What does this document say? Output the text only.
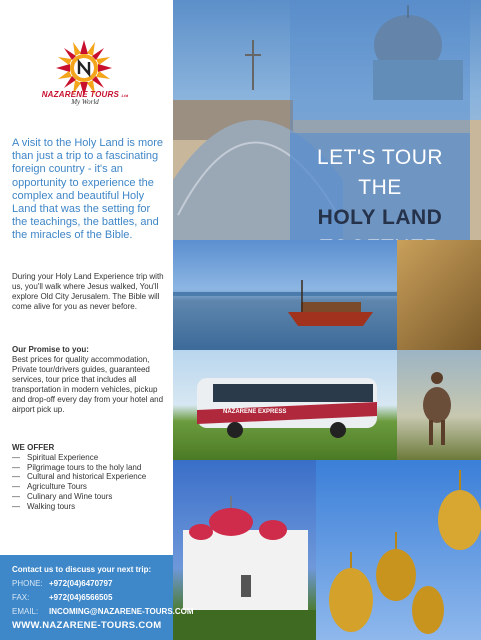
NAZARENE TOURS Ltd
My World

A visit to the Holy Land is more than just a trip to a fascinating foreign country - it's an opportunity to experience the complex and beautiful Holy Land that was the setting for the teachings, the battles, and the miracles of the Bible.

During your Holy Land Experience trip with us, you'll walk where Jesus walked, You'll explore Old City Jerusalem. The Bible will come alive for you as never before.

Our Promise to you:
Best prices for quality accommodation, Private tour/drivers guides, guaranteed services, tour price that includes all transportation in modern vehicles, pickup and drop-off every day from your hotel and airport pick up.
WE OFFER
— Spiritual Experience
— Pilgrimage tours to the holy land
— Cultural and historical Experience
— Agriculture Tours
— Culinary and Wine tours
— Walking tours
LET'S TOUR
THE
HOLY LAND
NAZARENE EXPRESS
Contact us to discuss your next trip:
PHONE: +972(04)6470797
FAX: +972(04)6566505
EMAIL: INCOMING@NAZARENE-TOURS.COM
WWW.NAZARENE-TOURS.COM
